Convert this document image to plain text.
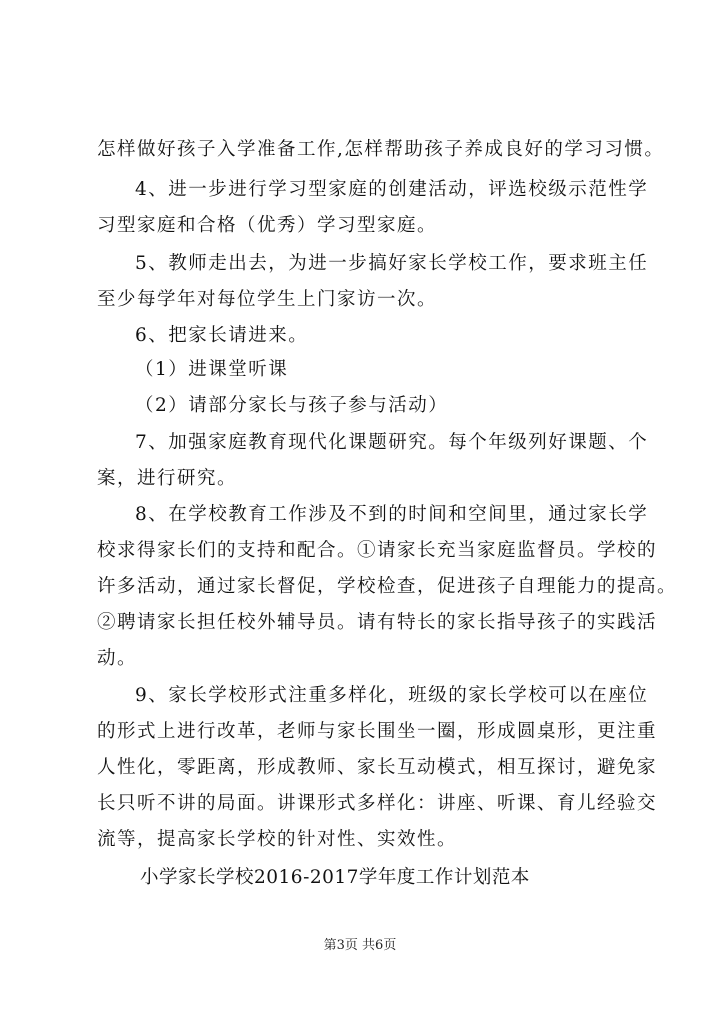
怎样做好孩子入学准备工作,怎样帮助孩子养成良好的学习习惯。
4、进一步进行学习型家庭的创建活动，评选校级示范性学
习型家庭和合格（优秀）学习型家庭。
5、教师走出去，为进一步搞好家长学校工作，要求班主任
至少每学年对每位学生上门家访一次。
6、把家长请进来。
（1）进课堂听课
（2）请部分家长与孩子参与活动）
7、加强家庭教育现代化课题研究。每个年级列好课题、个
案，进行研究。
8、在学校教育工作涉及不到的时间和空间里，通过家长学
校求得家长们的支持和配合。①请家长充当家庭监督员。学校的
许多活动，通过家长督促，学校检查，促进孩子自理能力的提高。
②聘请家长担任校外辅导员。请有特长的家长指导孩子的实践活
动。
9、家长学校形式注重多样化，班级的家长学校可以在座位
的形式上进行改革，老师与家长围坐一圈，形成圆桌形，更注重
人性化，零距离，形成教师、家长互动模式，相互探讨，避免家
长只听不讲的局面。讲课形式多样化：讲座、听课、育儿经验交
流等，提高家长学校的针对性、实效性。
小学家长学校2016-2017学年度工作计划范本
第3页 共6页
